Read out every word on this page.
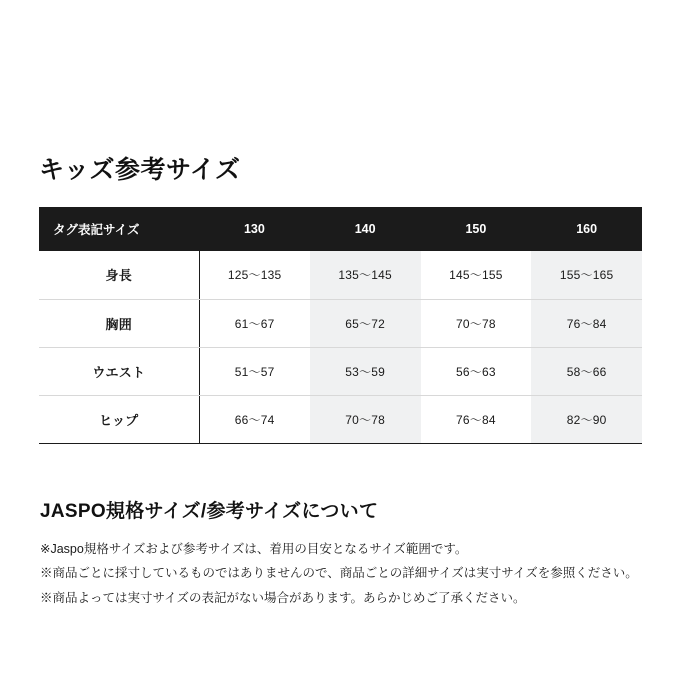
キッズ参考サイズ
タグ表記サイズ	130	140	150	160
身長	125〜135	135〜145	145〜155	155〜165
胸囲	61〜67	65〜72	70〜78	76〜84
ウエスト	51〜57	53〜59	56〜63	58〜66
ヒップ	66〜74	70〜78	76〜84	82〜90
JASPO規格サイズ/参考サイズについて
※Jaspo規格サイズおよび参考サイズは、着用の目安となるサイズ範囲です。
※商品ごとに採寸しているものではありませんので、商品ごとの詳細サイズは実寸サイズを参照ください。
※商品よっては実寸サイズの表記がない場合があります。あらかじめご了承ください。
